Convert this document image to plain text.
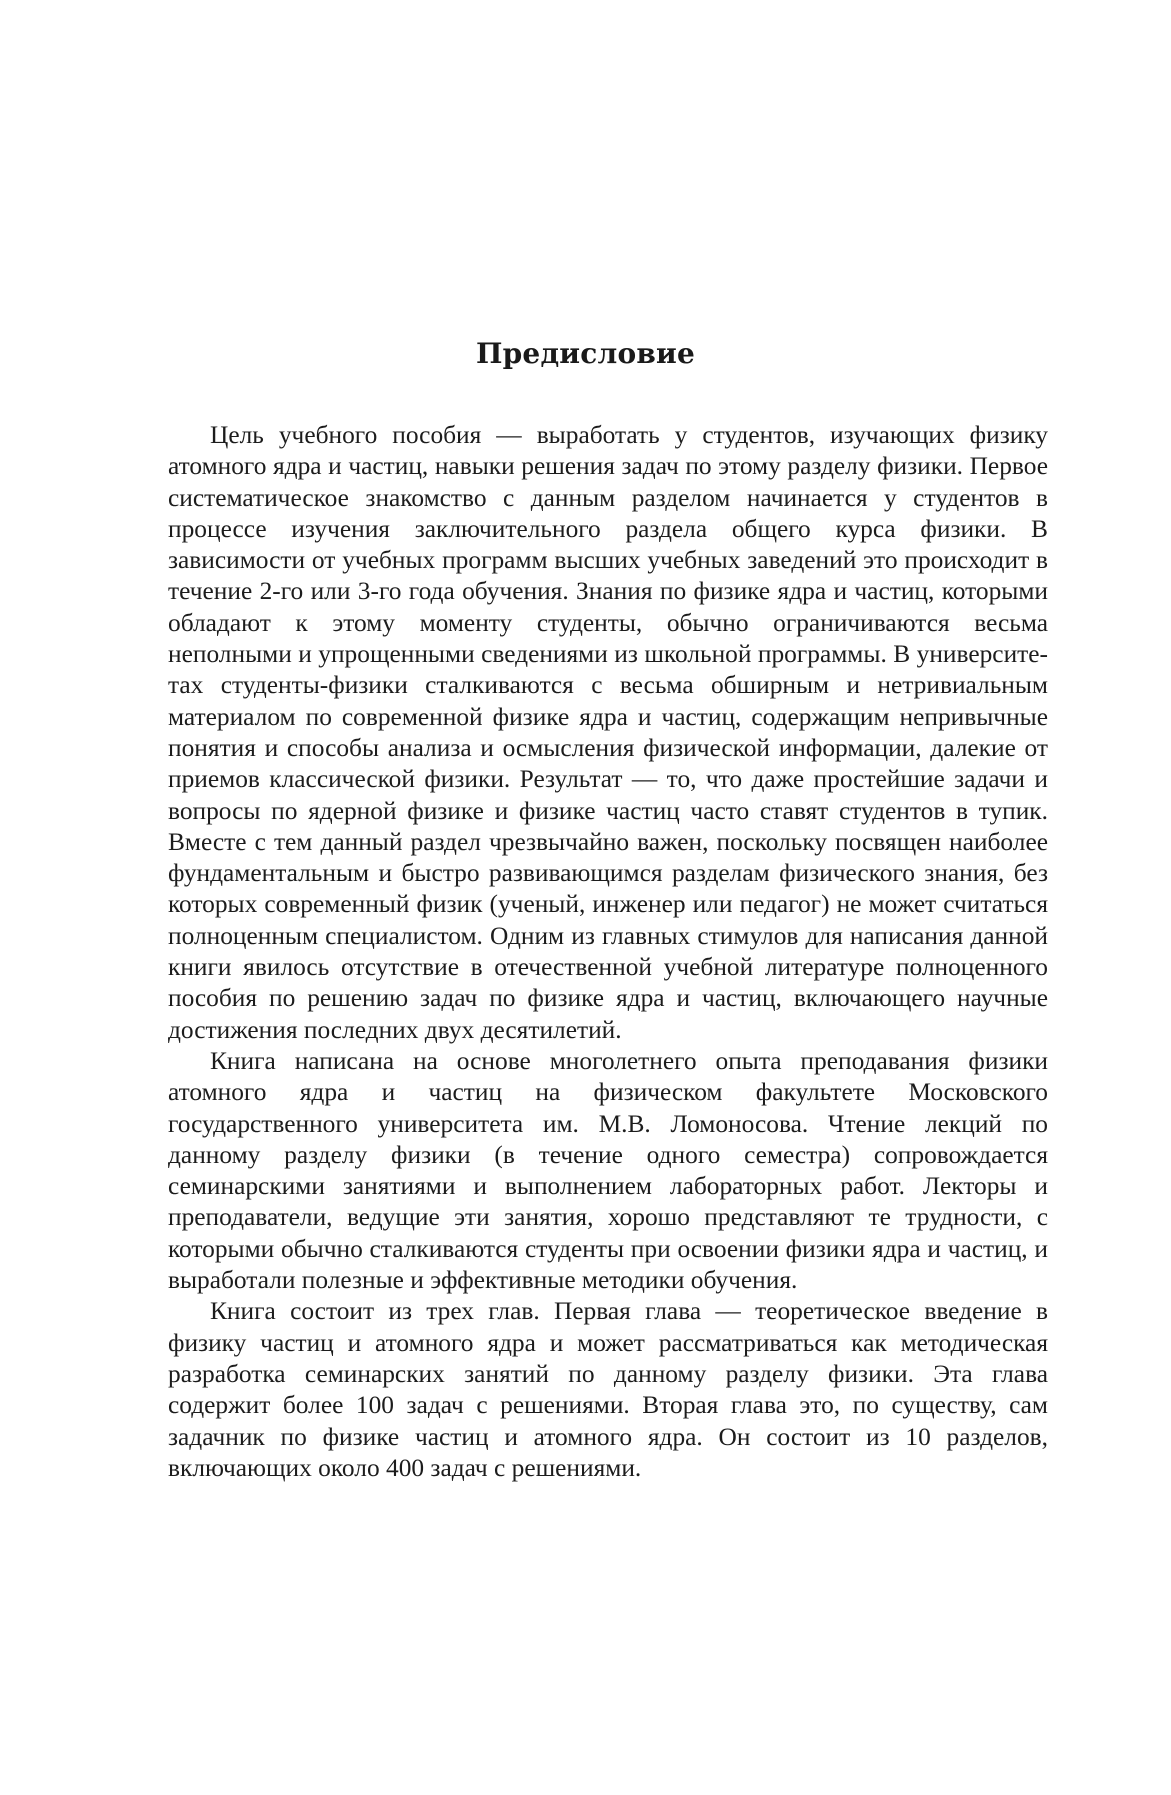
Предисловие

Цель учебного пособия — выработать у студентов, изучающих физику атомного ядра и частиц, навыки решения задач по этому разделу физики. Первое систематическое знакомство с данным разделом начинается у студентов в процессе изучения заключительного раздела общего курса физики. В зависимости от учебных программ высших учебных заведений это происходит в течение 2-го или 3-го года обучения. Знания по физике ядра и частиц, которыми обладают к этому моменту студенты, обычно ограничиваются весьма неполными и упрощенными сведениями из школьной программы. В университетах студенты-физики сталкиваются с весьма обширным и нетривиальным материалом по современной физике ядра и частиц, содержащим непривычные понятия и способы анализа и осмысления физической информации, далекие от приемов классической физики. Результат — то, что даже простейшие задачи и вопросы по ядерной физике и физике частиц часто ставят студентов в тупик. Вместе с тем данный раздел чрезвычайно важен, поскольку посвящен наиболее фундаментальным и быстро развивающимся разделам физического знания, без которых современный физик (ученый, инженер или педагог) не может считаться полноценным специалистом. Одним из главных стимулов для написания данной книги явилось отсутствие в отечественной учебной литературе полноценного пособия по решению задач по физике ядра и частиц, включающего научные достижения последних двух десятилетий.

Книга написана на основе многолетнего опыта преподавания физики атомного ядра и частиц на физическом факультете Московского государственного университета им. М.В. Ломоносова. Чтение лекций по данному разделу физики (в течение одного семестра) сопровождается семинарскими занятиями и выполнением лабораторных работ. Лекторы и преподаватели, ведущие эти занятия, хорошо представляют те трудности, с которыми обычно сталкиваются студенты при освоении физики ядра и частиц, и выработали полезные и эффективные методики обучения.

Книга состоит из трех глав. Первая глава — теоретическое введение в физику частиц и атомного ядра и может рассматриваться как методическая разработка семинарских занятий по данному разделу физики. Эта глава содержит более 100 задач с решениями. Вторая глава это, по существу, сам задачник по физике частиц и атомного ядра. Он состоит из 10 разделов, включающих около 400 задач с решениями.
